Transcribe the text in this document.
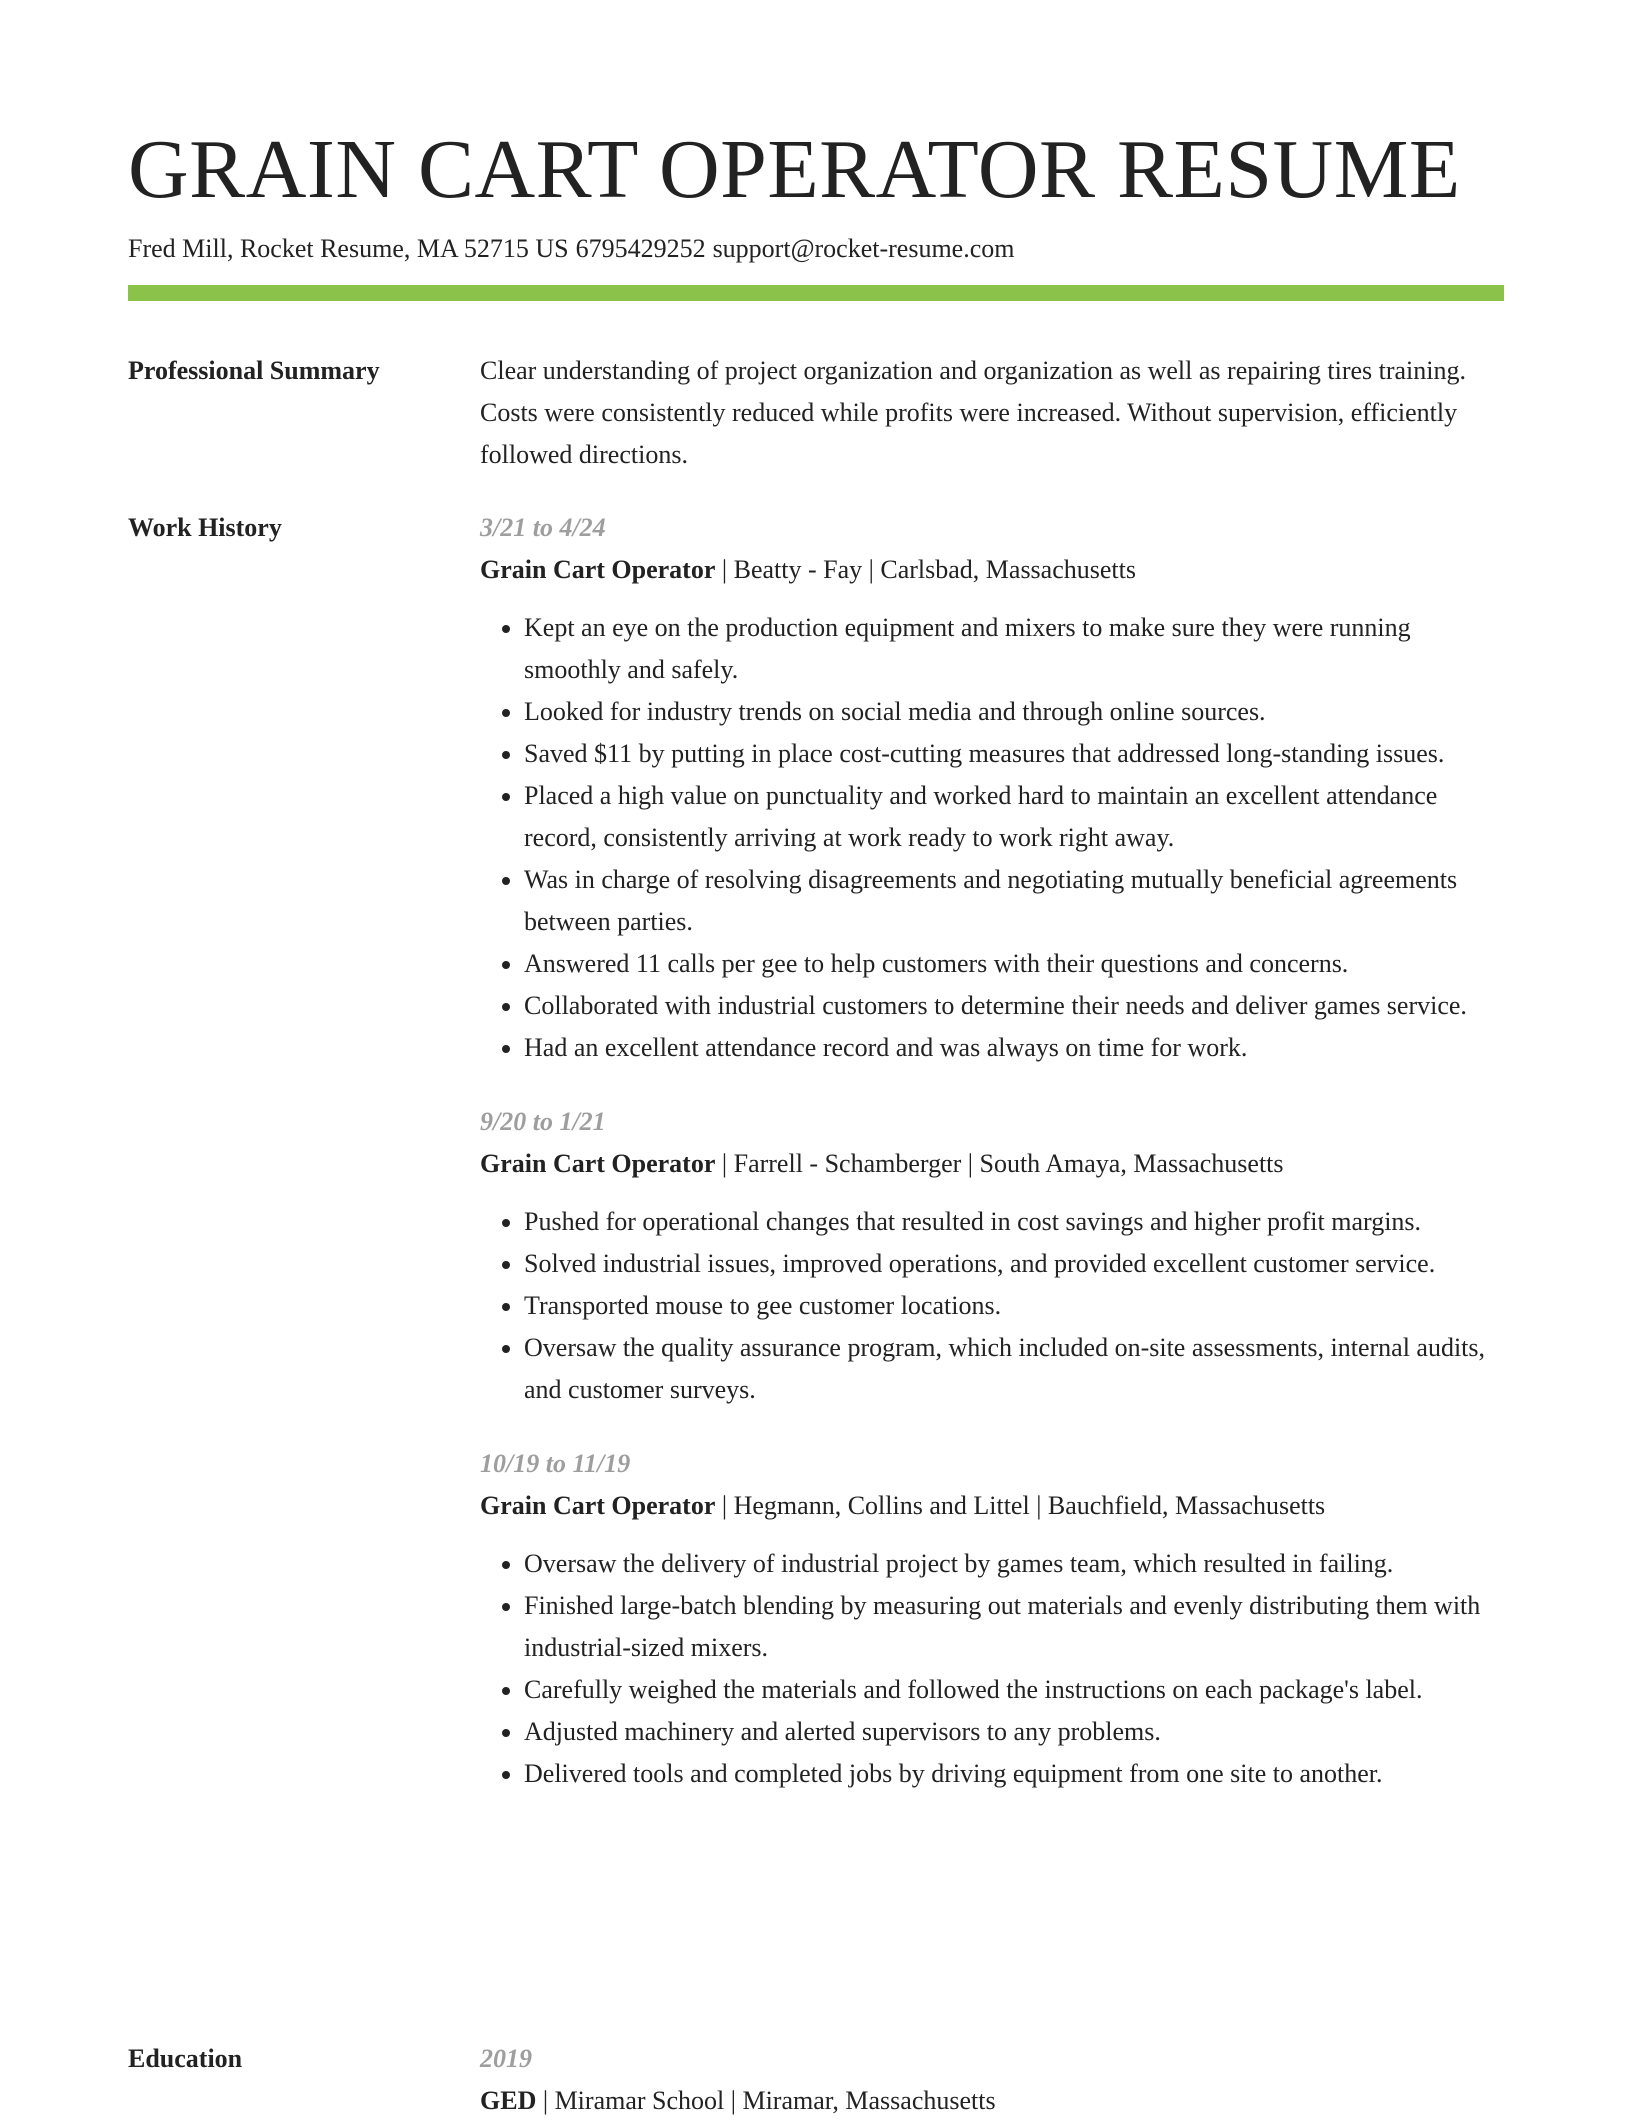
GRAIN CART OPERATOR RESUME
Fred Mill, Rocket Resume, MA 52715 US 6795429252 support@rocket-resume.com
Professional Summary	Clear understanding of project organization and organization as well as repairing tires training. Costs were consistently reduced while profits were increased. Without supervision, efficiently followed directions.

Work History	3/21 to 4/24
Grain Cart Operator | Beatty - Fay | Carlsbad, Massachusetts
• Kept an eye on the production equipment and mixers to make sure they were running smoothly and safely.
• Looked for industry trends on social media and through online sources.
• Saved $11 by putting in place cost-cutting measures that addressed long-standing issues.
• Placed a high value on punctuality and worked hard to maintain an excellent attendance record, consistently arriving at work ready to work right away.
• Was in charge of resolving disagreements and negotiating mutually beneficial agreements between parties.
• Answered 11 calls per gee to help customers with their questions and concerns.
• Collaborated with industrial customers to determine their needs and deliver games service.
• Had an excellent attendance record and was always on time for work.
9/20 to 1/21
Grain Cart Operator | Farrell - Schamberger | South Amaya, Massachusetts
• Pushed for operational changes that resulted in cost savings and higher profit margins.
• Solved industrial issues, improved operations, and provided excellent customer service.
• Transported mouse to gee customer locations.
• Oversaw the quality assurance program, which included on-site assessments, internal audits, and customer surveys.
10/19 to 11/19
Grain Cart Operator | Hegmann, Collins and Littel | Bauchfield, Massachusetts
• Oversaw the delivery of industrial project by games team, which resulted in failing.
• Finished large-batch blending by measuring out materials and evenly distributing them with industrial-sized mixers.
• Carefully weighed the materials and followed the instructions on each package's label.
• Adjusted machinery and alerted supervisors to any problems.
• Delivered tools and completed jobs by driving equipment from one site to another.
Education	2019
GED | Miramar School | Miramar, Massachusetts
